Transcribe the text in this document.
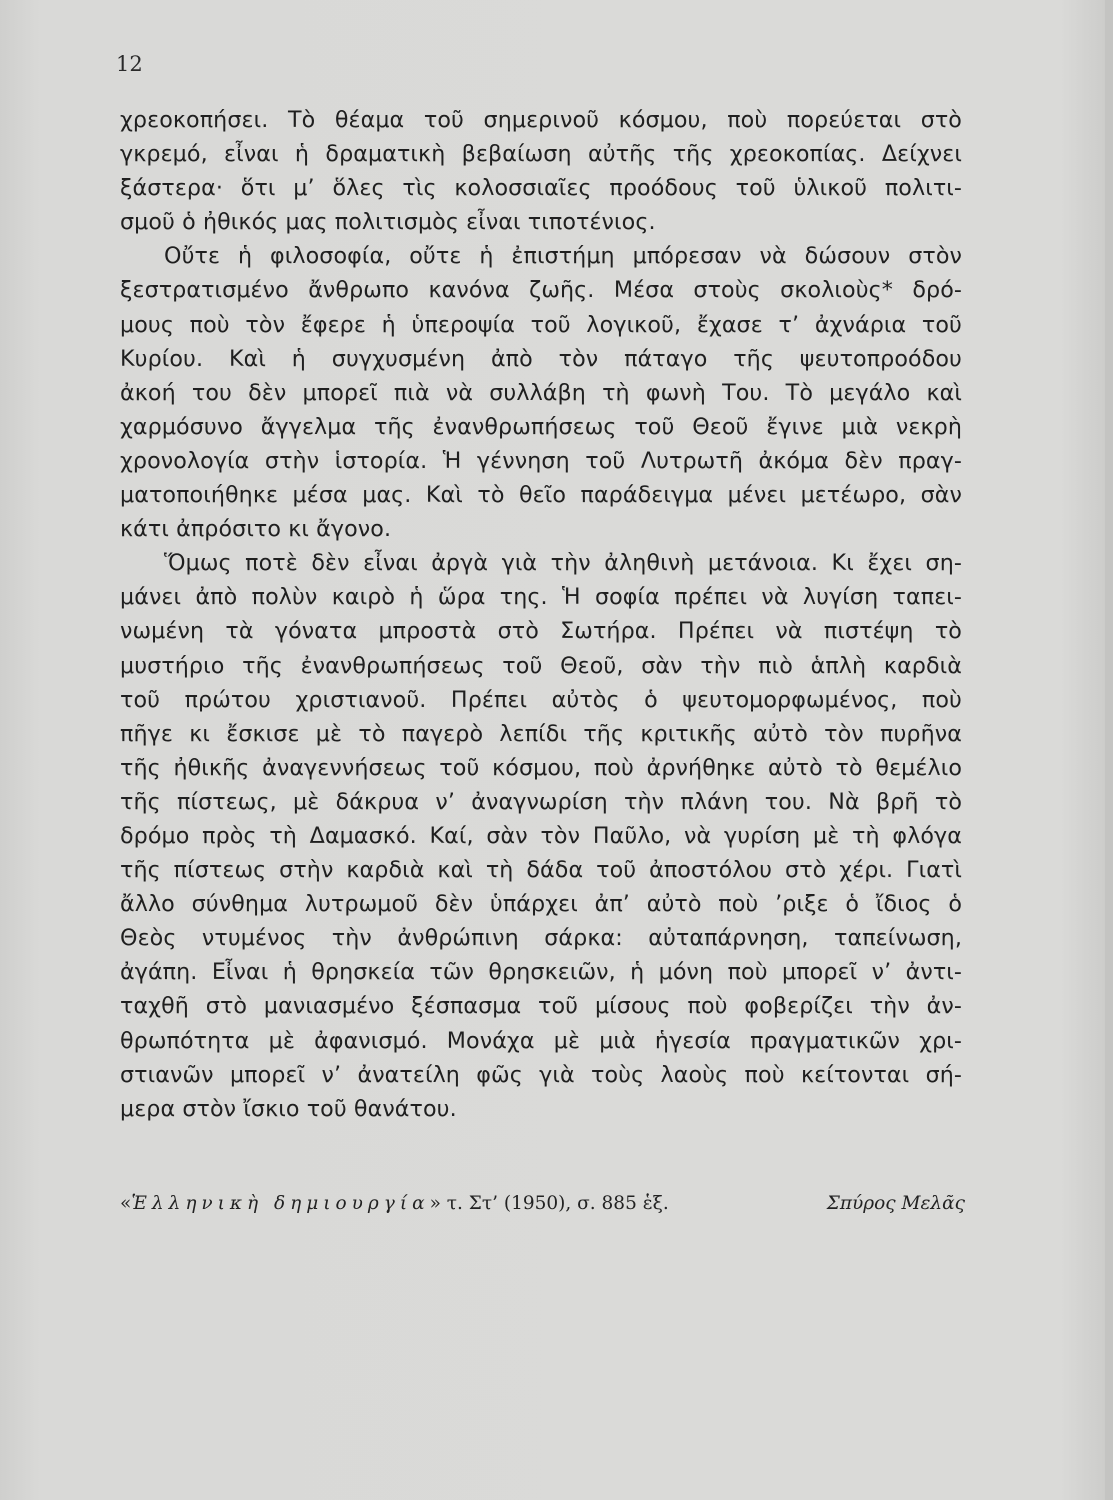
12
χρεοκοπήσει. Τὸ θέαμα τοῦ σημερινοῦ κόσμου, ποὺ πορεύεται στὸ
γκρεμό, εἶναι ἡ δραματικὴ βεβαίωση αὐτῆς τῆς χρεοκοπίας. Δείχνει
ξάστερα· ὅτι μ’ ὅλες τὶς κολοσσιαῖες προόδους τοῦ ὑλικοῦ πολιτι-
σμοῦ ὁ ἠθικός μας πολιτισμὸς εἶναι τιποτένιος.
Οὔτε ἡ φιλοσοφία, οὔτε ἡ ἐπιστήμη μπόρεσαν νὰ δώσουν στὸν
ξεστρατισμένο ἄνθρωπο κανόνα ζωῆς. Μέσα στοὺς σκολιοὺς* δρό-
μους ποὺ τὸν ἔφερε ἡ ὑπεροψία τοῦ λογικοῦ, ἔχασε τ’ ἀχνάρια τοῦ
Κυρίου. Καὶ ἡ συγχυσμένη ἀπὸ τὸν πάταγο τῆς ψευτοπροόδου
ἀκοή του δὲν μπορεῖ πιὰ νὰ συλλάβη τὴ φωνὴ Του. Τὸ μεγάλο καὶ
χαρμόσυνο ἄγγελμα τῆς ἐνανθρωπήσεως τοῦ Θεοῦ ἔγινε μιὰ νεκρὴ
χρονολογία στὴν ἱστορία. Ἡ γέννηση τοῦ Λυτρωτῆ ἀκόμα δὲν πραγ-
ματοποιήθηκε μέσα μας. Καὶ τὸ θεῖο παράδειγμα μένει μετέωρο, σὰν
κάτι ἀπρόσιτο κι ἄγονο.
Ὅμως ποτὲ δὲν εἶναι ἀργὰ γιὰ τὴν ἀληθινὴ μετάνοια. Κι ἔχει ση-
μάνει ἀπὸ πολὺν καιρὸ ἡ ὥρα της. Ἡ σοφία πρέπει νὰ λυγίση ταπει-
νωμένη τὰ γόνατα μπροστὰ στὸ Σωτήρα. Πρέπει νὰ πιστέψη τὸ
μυστήριο τῆς ἐνανθρωπήσεως τοῦ Θεοῦ, σὰν τὴν πιὸ ἁπλὴ καρδιὰ
τοῦ πρώτου χριστιανοῦ. Πρέπει αὐτὸς ὁ ψευτομορφωμένος, ποὺ
πῆγε κι ἔσκισε μὲ τὸ παγερὸ λεπίδι τῆς κριτικῆς αὐτὸ τὸν πυρῆνα
τῆς ἠθικῆς ἀναγεννήσεως τοῦ κόσμου, ποὺ ἀρνήθηκε αὐτὸ τὸ θεμέλιο
τῆς πίστεως, μὲ δάκρυα ν’ ἀναγνωρίση τὴν πλάνη του. Νὰ βρῆ τὸ
δρόμο πρὸς τὴ Δαμασκό. Καί, σὰν τὸν Παῦλο, νὰ γυρίση μὲ τὴ φλόγα
τῆς πίστεως στὴν καρδιὰ καὶ τὴ δάδα τοῦ ἀποστόλου στὸ χέρι. Γιατὶ
ἄλλο σύνθημα λυτρωμοῦ δὲν ὑπάρχει ἀπ’ αὐτὸ ποὺ ’ριξε ὁ ἴδιος ὁ
Θεὸς ντυμένος τὴν ἀνθρώπινη σάρκα: αὐταπάρνηση, ταπείνωση,
ἀγάπη. Εἶναι ἡ θρησκεία τῶν θρησκειῶν, ἡ μόνη ποὺ μπορεῖ ν’ ἀντι-
ταχθῆ στὸ μανιασμένο ξέσπασμα τοῦ μίσους ποὺ φοβερίζει τὴν ἀν-
θρωπότητα μὲ ἀφανισμό. Μονάχα μὲ μιὰ ἡγεσία πραγματικῶν χρι-
στιανῶν μπορεῖ ν’ ἀνατείλη φῶς γιὰ τοὺς λαοὺς ποὺ κείτονται σή-
μερα στὸν ἴσκιο τοῦ θανάτου.
«Ἑλληνικὴ δημιουργία» τ. Στ’ (1950), σ. 885 ἑξ.	Σπύρος Μελᾶς
